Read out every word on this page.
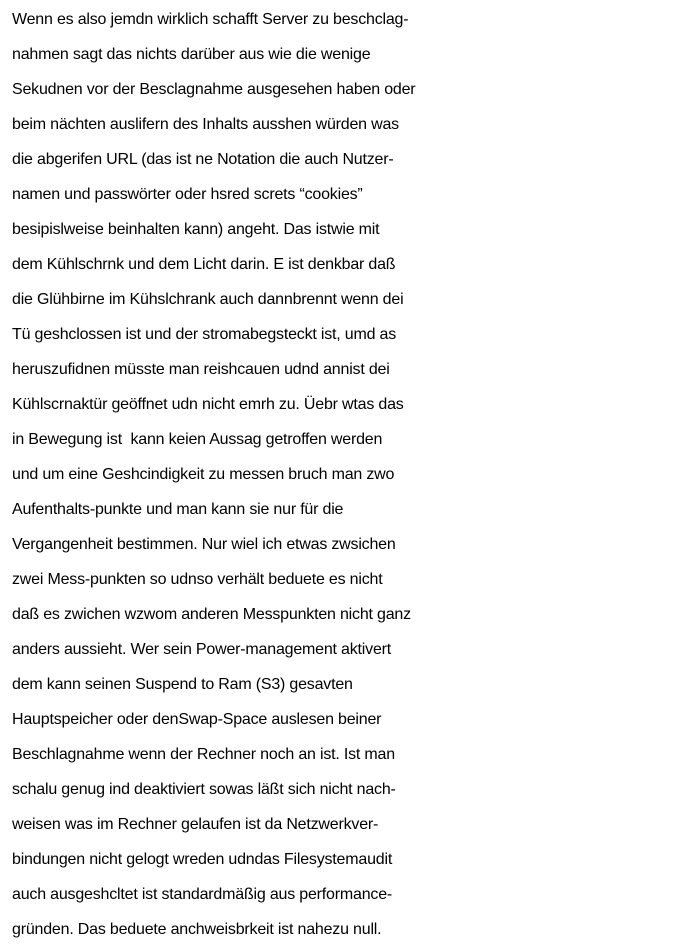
Wenn es also jemdn wirklich schafft Server zu beschclag-
nahmen sagt das nichts darüber aus wie die wenige
Sekudnen vor der Besclagnahme ausgesehen haben oder
beim nächten auslifern des Inhalts ausshen würden was
die abgerifen URL (das ist ne Notation die auch Nutzer-
namen und passwörter oder hsred screts “cookies”
besipislweise beinhalten kann) angeht. Das istwie mit
dem Kühlschrnk und dem Licht darin. E ist denkbar daß
die Glühbirne im Kühslchrank auch dannbrennt wenn dei
Tü geshclossen ist und der stromabegsteckt ist, umd as
heruszufidnen müsste man reishcauen udnd annist dei
Kühlscrnaktür geöffnet udn nicht emrh zu. Üebr wtas das
in Bewegung ist  kann keien Aussag getroffen werden
und um eine Geshcindigkeit zu messen bruch man zwo
Aufenthalts-punkte und man kann sie nur für die
Vergangenheit bestimmen. Nur wiel ich etwas zwsichen
zwei Mess-punkten so udnso verhält beduete es nicht
daß es zwichen wzwom anderen Messpunkten nicht ganz
anders aussieht. Wer sein Power-management aktivert
dem kann seinen Suspend to Ram (S3) gesavten
Hauptspeicher oder denSwap-Space auslesen beiner
Beschlagnahme wenn der Rechner noch an ist. Ist man
schalu genug ind deaktiviert sowas läßt sich nicht nach-
weisen was im Rechner gelaufen ist da Netzwerkver-
bindungen nicht gelogt wreden udndas Filesystemaudit
auch ausgeshcltet ist standardmäßig aus performance-
gründen. Das beduete anchweisbrkeit ist nahezu null.
